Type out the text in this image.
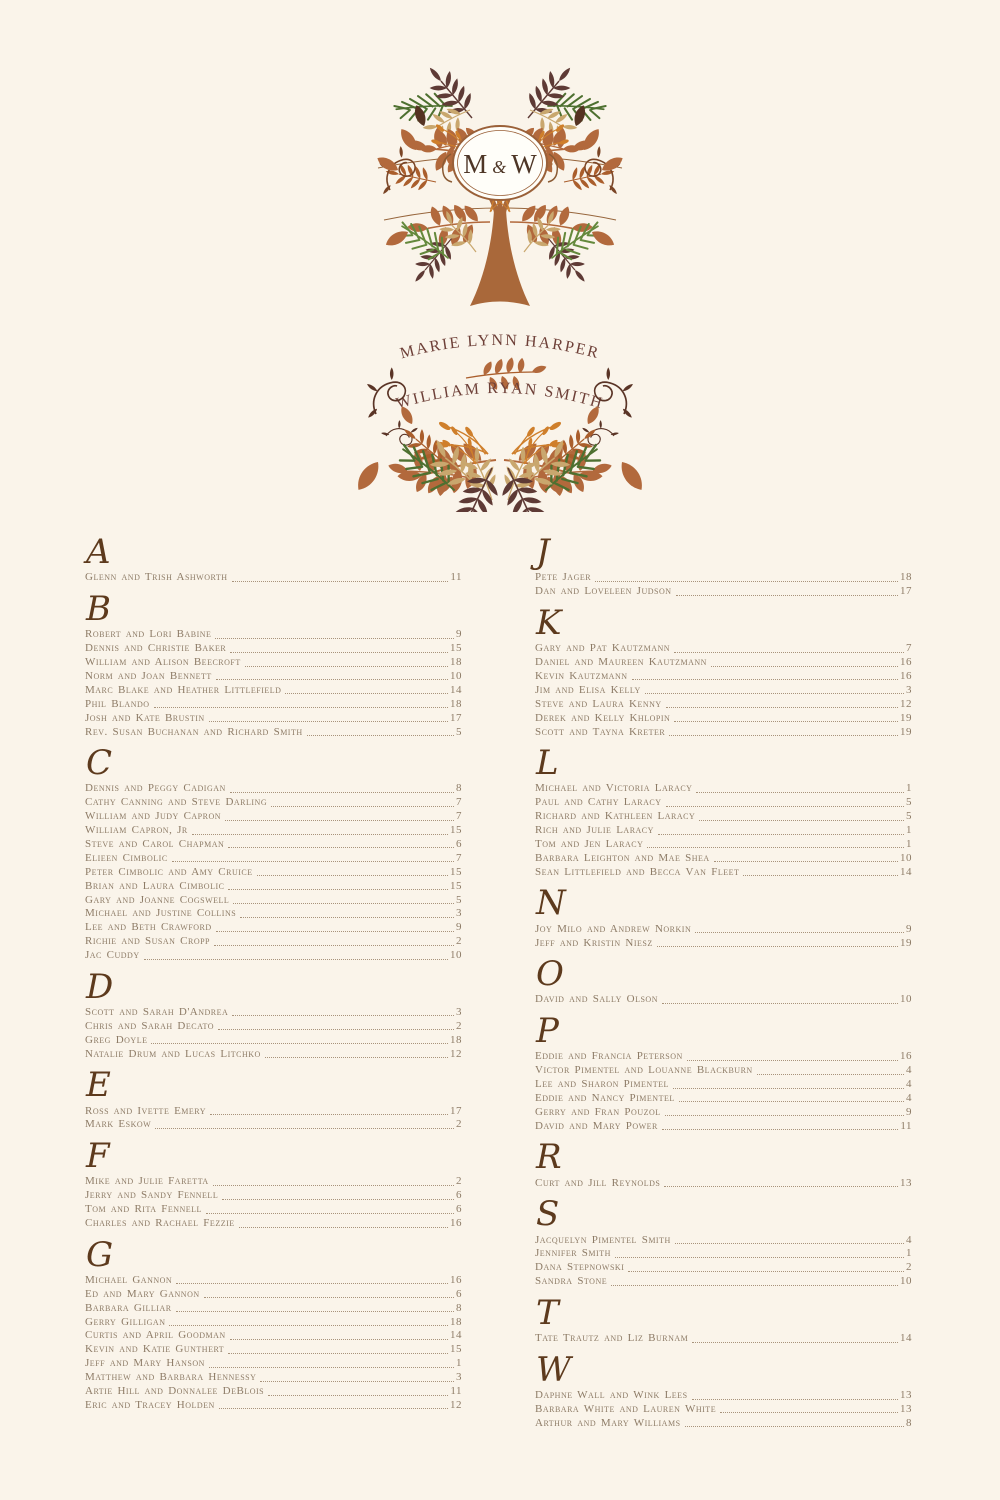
M & W
MARIE LYNN HARPER
WILLIAM RYAN SMITH
A
Glenn and Trish Ashworth	11
B
Robert and Lori Babine	9
Dennis and Christie Baker	15
William and Alison Beecroft	18
Norm and Joan Bennett	10
Marc Blake and Heather Littlefield	14
Phil Blando	18
Josh and Kate Brustin	17
Rev. Susan Buchanan and Richard Smith	5
C
Dennis and Peggy Cadigan	8
Cathy Canning and Steve Darling	7
William and Judy Capron	7
William Capron, Jr	15
Steve and Carol Chapman	6
Elieen Cimbolic	7
Peter Cimbolic and Amy Cruice	15
Brian and Laura Cimbolic	15
Gary and Joanne Cogswell	5
Michael and Justine Collins	3
Lee and Beth Crawford	9
Richie and Susan Cropp	2
Jac Cuddy	10
D
Scott and Sarah D'Andrea	3
Chris and Sarah Decato	2
Greg Doyle	18
Natalie Drum and Lucas Litchko	12
E
Ross and Ivette Emery	17
Mark Eskow	2
F
Mike and Julie Faretta	2
Jerry and Sandy Fennell	6
Tom and Rita Fennell	6
Charles and Rachael Fezzie	16
G
Michael Gannon	16
Ed and Mary Gannon	6
Barbara Gilliar	8
Gerry Gilligan	18
Curtis and April Goodman	14
Kevin and Katie Gunthert	15
Jeff and Mary Hanson	1
Matthew and Barbara Hennessy	3
Artie Hill and Donnalee DeBlois	11
Eric and Tracey Holden	12
J
Pete Jager	18
Dan and Loveleen Judson	17
K
Gary and Pat Kautzmann	7
Daniel and Maureen Kautzmann	16
Kevin Kautzmann	16
Jim and Elisa Kelly	3
Steve and Laura Kenny	12
Derek and Kelly Khlopin	19
Scott and Tayna Kreter	19
L
Michael and Victoria Laracy	1
Paul and Cathy Laracy	5
Richard and Kathleen Laracy	5
Rich and Julie Laracy	1
Tom and Jen Laracy	1
Barbara Leighton and Mae Shea	10
Sean Littlefield and Becca Van Fleet	14
N
Joy Milo and Andrew Norkin	9
Jeff and Kristin Niesz	19
O
David and Sally Olson	10
P
Eddie and Francia Peterson	16
Victor Pimentel and Louanne Blackburn	4
Lee and Sharon Pimentel	4
Eddie and Nancy Pimentel	4
Gerry and Fran Pouzol	9
David and Mary Power	11
R
Curt and Jill Reynolds	13
S
Jacquelyn Pimentel Smith	4
Jennifer Smith	1
Dana Stepnowski	2
Sandra Stone	10
T
Tate Trautz and Liz Burnam	14
W
Daphne Wall and Wink Lees	13
Barbara White and Lauren White	13
Arthur and Mary Williams	8
